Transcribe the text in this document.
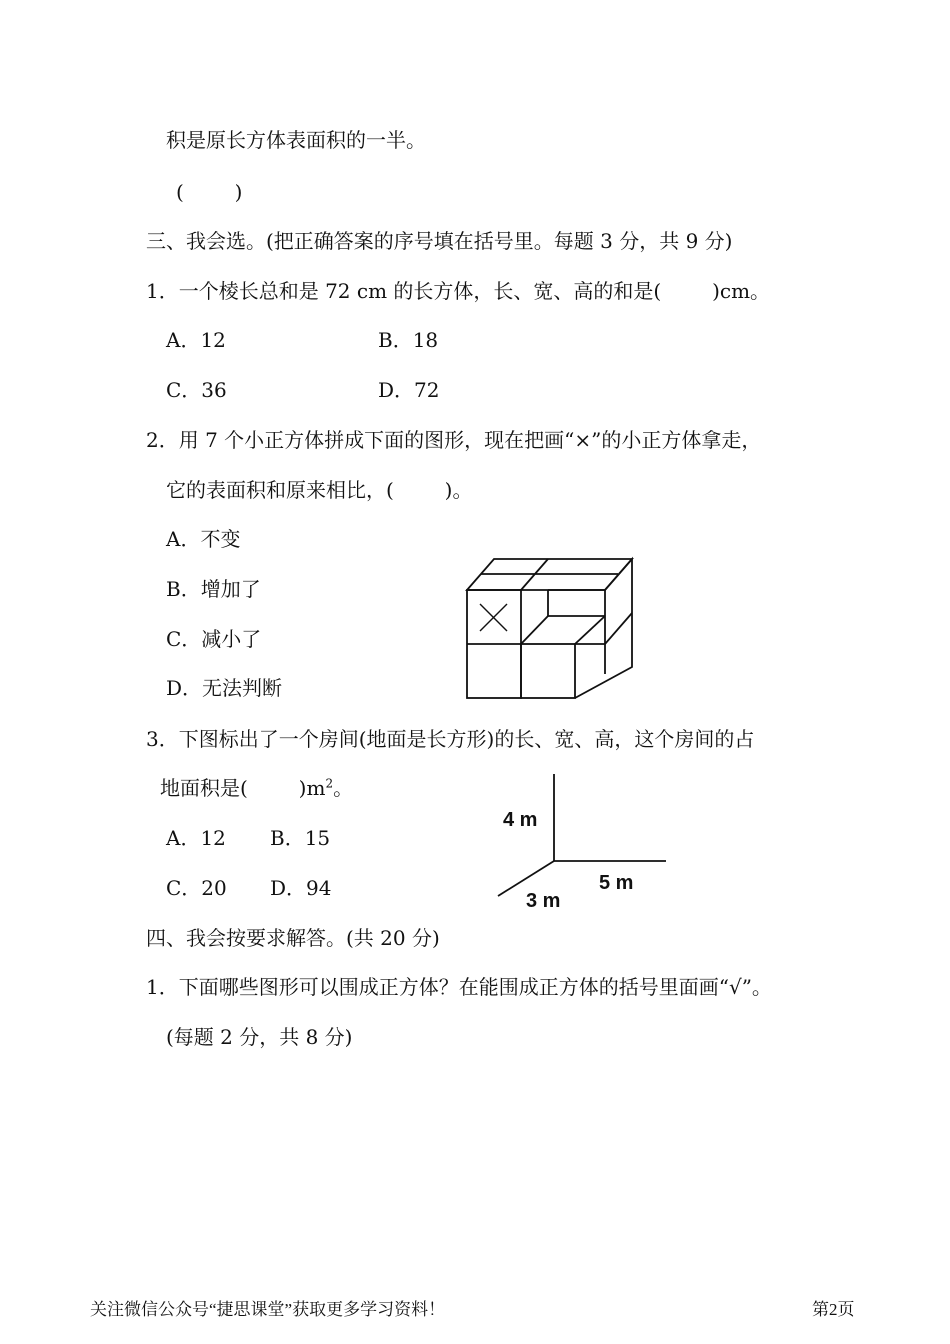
积是原长方体表面积的一半。
(        )
三、我会选。(把正确答案的序号填在括号里。每题 3 分，共 9 分)
1．一个棱长总和是 72 cm 的长方体，长、宽、高的和是(        )cm。
A．12	B．18
C．36	D．72
2．用 7 个小正方体拼成下面的图形，现在把画“×”的小正方体拿走，
它的表面积和原来相比，(        )。
A．不变
B．增加了
C．减小了
D．无法判断
3．下图标出了一个房间(地面是长方形)的长、宽、高，这个房间的占
地面积是(        )$m^2$。
A．12 B．15
C．20 D．94
4 m
5 m
3 m
四、我会按要求解答。(共 20 分)
1．下面哪些图形可以围成正方体？在能围成正方体的括号里面画“√”。
(每题 2 分，共 8 分)
关注微信公众号“捷思课堂”获取更多学习资料！	第2页
